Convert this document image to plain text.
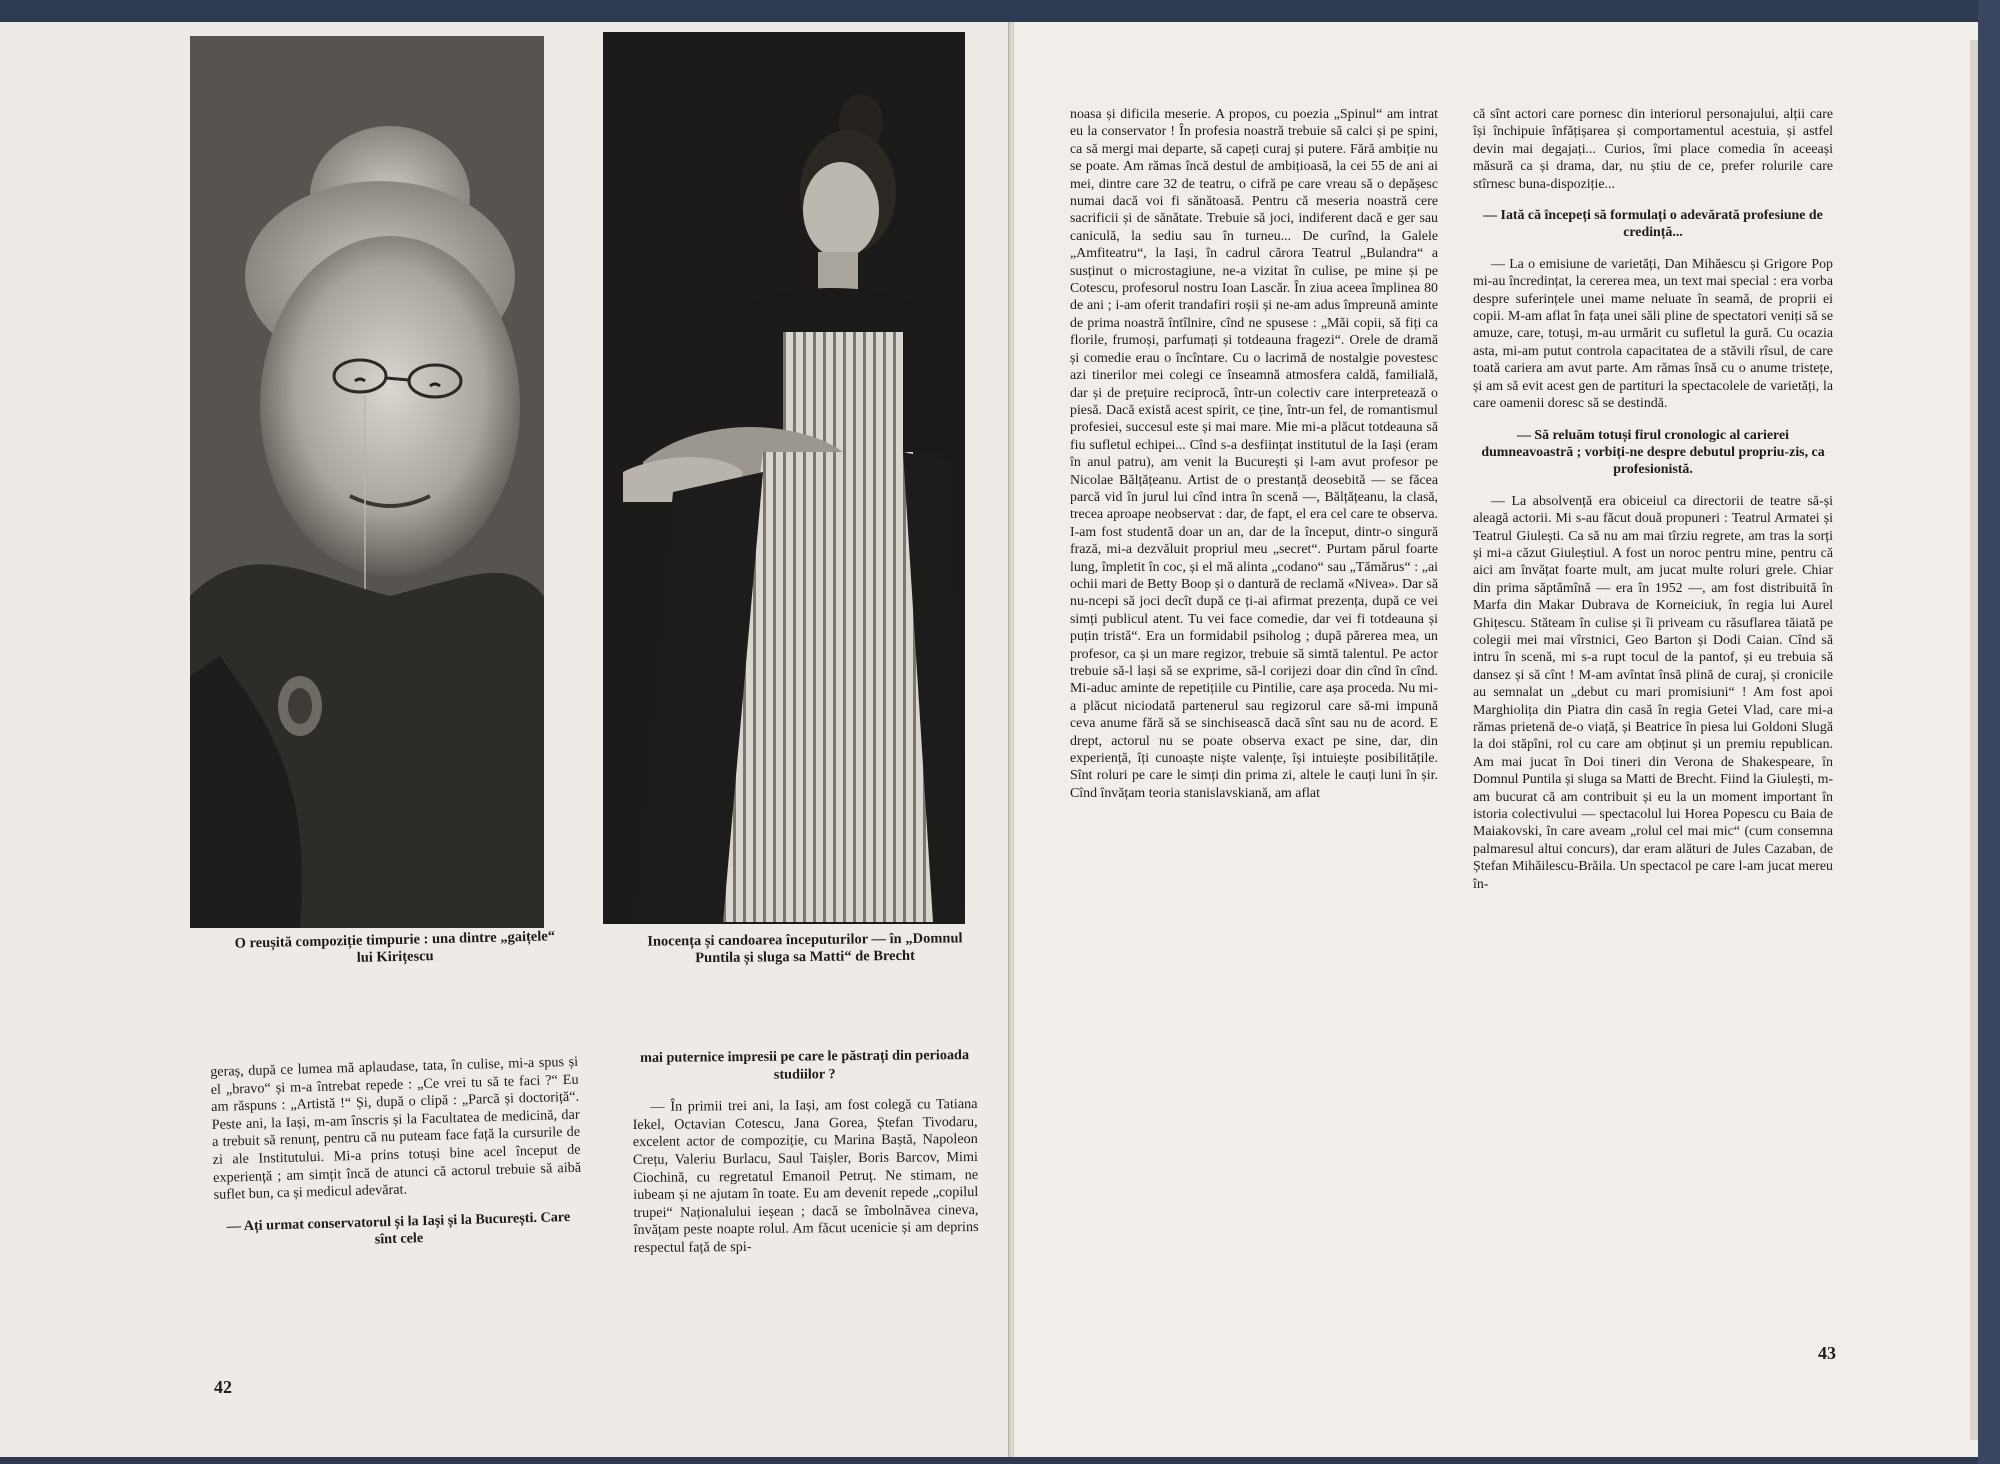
O reușită compoziție timpurie : una dintre „gaițele“ lui Kirițescu
Inocența și candoarea începuturilor — în „Domnul Puntila și sluga sa Matti“ de Brecht

geraș, după ce lumea mă aplaudase, tata, în culise, mi-a spus și el „bravo“ și m-a întrebat repede : „Ce vrei tu să te faci ?“ Eu am răspuns : „Artistă !“ Și, după o clipă : „Parcă și doctoriță“. Peste ani, la Iași, m-am înscris și la Facultatea de medicină, dar a trebuit să renunț, pentru că nu puteam face față la cursurile de zi ale Institutului. Mi-a prins totuși bine acel început de experiență ; am simțit încă de atunci că actorul trebuie să aibă suflet bun, ca și medicul adevărat.

— Ați urmat conservatorul și la Iași și la București. Care sînt cele

mai puternice impresii pe care le păstrați din perioada studiilor ?

— În primii trei ani, la Iași, am fost colegă cu Tatiana Iekel, Octavian Cotescu, Jana Gorea, Ștefan Tivodaru, excelent actor de compoziție, cu Marina Baștă, Napoleon Crețu, Valeriu Burlacu, Saul Taișler, Boris Barcov, Mimi Ciochină, cu regretatul Emanoil Petruț. Ne stimam, ne iubeam și ne ajutam în toate. Eu am devenit repede „copilul trupei“ Naționalului ieșean ; dacă se îmbolnăvea cineva, învățam peste noapte rolul. Am făcut ucenicie și am deprins respectul față de spi-

42

noasa și dificila meserie. A propos, cu poezia „Spinul“ am intrat eu la conservator ! În profesia noastră trebuie să calci și pe spini, ca să mergi mai departe, să capeți curaj și putere. Fără ambiție nu se poate. Am rămas încă destul de ambițioasă, la cei 55 de ani ai mei, dintre care 32 de teatru, o cifră pe care vreau să o depășesc numai dacă voi fi sănătoasă. Pentru că meseria noastră cere sacrificii și de sănătate. Trebuie să joci, indiferent dacă e ger sau caniculă, la sediu sau în turneu... De curînd, la Galele „Amfiteatru“, la Iași, în cadrul cărora Teatrul „Bulandra“ a susținut o microstagiune, ne-a vizitat în culise, pe mine și pe Cotescu, profesorul nostru Ioan Lascăr. În ziua aceea împlinea 80 de ani ; i-am oferit trandafiri roșii și ne-am adus împreună aminte de prima noastră întîlnire, cînd ne spusese : „Măi copii, să fiți ca florile, frumoși, parfumați și totdeauna fragezi“. Orele de dramă și comedie erau o încîntare. Cu o lacrimă de nostalgie povestesc azi tinerilor mei colegi ce înseamnă atmosfera caldă, familială, dar și de prețuire reciprocă, într-un colectiv care interpretează o piesă. Dacă există acest spirit, ce ține, într-un fel, de romantismul profesiei, succesul este și mai mare. Mie mi-a plăcut totdeauna să fiu sufletul echipei... Cînd s-a desființat institutul de la Iași (eram în anul patru), am venit la București și l-am avut profesor pe Nicolae Bălțățeanu. Artist de o prestanță deosebită — se făcea parcă vid în jurul lui cînd intra în scenă —, Bălțățeanu, la clasă, trecea aproape neobservat : dar, de fapt, el era cel care te observa. I-am fost studentă doar un an, dar de la început, dintr-o singură frază, mi-a dezvăluit propriul meu „secret“. Purtam părul foarte lung, împletit în coc, și el mă alinta „codano“ sau „Tămărus“ : „ai ochii mari de Betty Boop și o dantură de reclamă «Nivea». Dar să nu-ncepi să joci decît după ce ți-ai afirmat prezența, după ce vei simți publicul atent. Tu vei face comedie, dar vei fi totdeauna și puțin tristă“. Era un formidabil psiholog ; după părerea mea, un profesor, ca și un mare regizor, trebuie să simtă talentul. Pe actor trebuie să-l lași să se exprime, să-l corijezi doar din cînd în cînd. Mi-aduc aminte de repetițiile cu Pintilie, care așa proceda. Nu mi-a plăcut niciodată partenerul sau regizorul care să-mi impună ceva anume fără să se sinchisească dacă sînt sau nu de acord. E drept, actorul nu se poate observa exact pe sine, dar, din experiență, îți cunoaște niște valențe, își intuiește posibilitățile. Sînt roluri pe care le simți din prima zi, altele le cauți luni în șir. Cînd învățam teoria stanislavskiană, am aflat

că sînt actori care pornesc din interiorul personajului, alții care își închipuie înfățișarea și comportamentul acestuia, și astfel devin mai degajați... Curios, îmi place comedia în aceeași măsură ca și drama, dar, nu știu de ce, prefer rolurile care stîrnesc buna-dispoziție...

— Iată că începeți să formulați o adevărată profesiune de credință...

— La o emisiune de varietăți, Dan Mihăescu și Grigore Pop mi-au încredințat, la cererea mea, un text mai special : era vorba despre suferințele unei mame neluate în seamă, de proprii ei copii. M-am aflat în fața unei săli pline de spectatori veniți să se amuze, care, totuși, m-au urmărit cu sufletul la gură. Cu ocazia asta, mi-am putut controla capacitatea de a stăvili rîsul, de care toată cariera am avut parte. Am rămas însă cu o anume tristețe, și am să evit acest gen de partituri la spectacolele de varietăți, la care oamenii doresc să se destindă.

— Să reluăm totuși firul cronologic al carierei dumneavoastră ; vorbiți-ne despre debutul propriu-zis, ca profesionistă.

— La absolvență era obiceiul ca directorii de teatre să-și aleagă actorii. Mi s-au făcut două propuneri : Teatrul Armatei și Teatrul Giulești. Ca să nu am mai tîrziu regrete, am tras la sorți și mi-a căzut Giuleștiul. A fost un noroc pentru mine, pentru că aici am învățat foarte mult, am jucat multe roluri grele. Chiar din prima săptămînă — era în 1952 —, am fost distribuită în Marfa din Makar Dubrava de Korneiciuk, în regia lui Aurel Ghițescu. Stăteam în culise și îi priveam cu răsuflarea tăiată pe colegii mei mai vîrstnici, Geo Barton și Dodi Caian. Cînd să intru în scenă, mi s-a rupt tocul de la pantof, și eu trebuia să dansez și să cînt ! M-am avîntat însă plină de curaj, și cronicile au semnalat un „debut cu mari promisiuni“ ! Am fost apoi Marghiolița din Piatra din casă în regia Getei Vlad, care mi-a rămas prietenă de-o viață, și Beatrice în piesa lui Goldoni Slugă la doi stăpîni, rol cu care am obținut și un premiu republican. Am mai jucat în Doi tineri din Verona de Shakespeare, în Domnul Puntila și sluga sa Matti de Brecht. Fiind la Giulești, m-am bucurat că am contribuit și eu la un moment important în istoria colectivului — spectacolul lui Horea Popescu cu Baia de Maiakovski, în care aveam „rolul cel mai mic“ (cum consemna palmaresul altui concurs), dar eram alături de Jules Cazaban, de Ștefan Mihăilescu-Brăila. Un spectacol pe care l-am jucat mereu în-

43
